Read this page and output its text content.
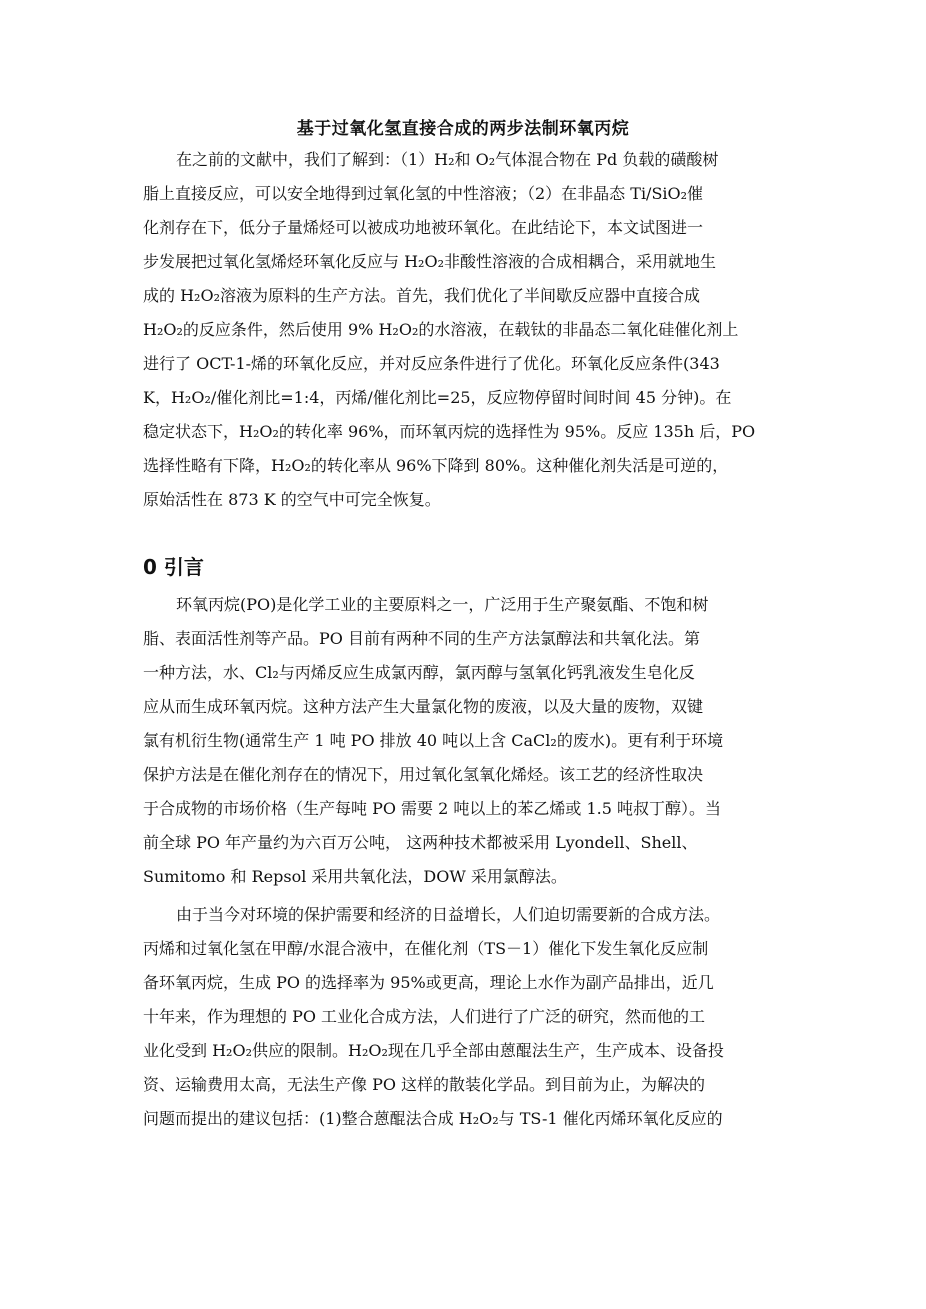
基于过氧化氢直接合成的两步法制环氧丙烷
在之前的文献中，我们了解到：（1）H₂和 O₂气体混合物在 Pd 负载的磺酸树
脂上直接反应，可以安全地得到过氧化氢的中性溶液；（2）在非晶态 Ti/SiO₂催
化剂存在下，低分子量烯烃可以被成功地被环氧化。在此结论下，本文试图进一
步发展把过氧化氢烯烃环氧化反应与 H₂O₂非酸性溶液的合成相耦合，采用就地生
成的 H₂O₂溶液为原料的生产方法。首先，我们优化了半间歇反应器中直接合成
H₂O₂的反应条件，然后使用 9% H₂O₂的水溶液，在载钛的非晶态二氧化硅催化剂上
进行了 OCT-1-烯的环氧化反应，并对反应条件进行了优化。环氧化反应条件(343
K，H₂O₂/催化剂比=1:4，丙烯/催化剂比=25，反应物停留时间时间 45 分钟)。在
稳定状态下，H₂O₂的转化率 96%，而环氧丙烷的选择性为 95%。反应 135h 后，PO
选择性略有下降，H₂O₂的转化率从 96%下降到 80%。这种催化剂失活是可逆的，
原始活性在 873 K 的空气中可完全恢复。
0 引言
环氧丙烷(PO)是化学工业的主要原料之一，广泛用于生产聚氨酯、不饱和树
脂、表面活性剂等产品。PO 目前有两种不同的生产方法氯醇法和共氧化法。第
一种方法，水、Cl₂与丙烯反应生成氯丙醇，氯丙醇与氢氧化钙乳液发生皂化反
应从而生成环氧丙烷。这种方法产生大量氯化物的废液，以及大量的废物，双键
氯有机衍生物(通常生产 1 吨 PO 排放 40 吨以上含 CaCl₂的废水)。更有利于环境
保护方法是在催化剂存在的情况下，用过氧化氢氧化烯烃。该工艺的经济性取决
于合成物的市场价格（生产每吨 PO 需要 2 吨以上的苯乙烯或 1.5 吨叔丁醇）。当
前全球 PO 年产量约为六百万公吨， 这两种技术都被采用 Lyondell、Shell、
Sumitomo 和 Repsol 采用共氧化法，DOW 采用氯醇法。
由于当今对环境的保护需要和经济的日益增长，人们迫切需要新的合成方法。
丙烯和过氧化氢在甲醇/水混合液中，在催化剂（TS－1）催化下发生氧化反应制
备环氧丙烷，生成 PO 的选择率为 95%或更高，理论上水作为副产品排出，近几
十年来，作为理想的 PO 工业化合成方法，人们进行了广泛的研究，然而他的工
业化受到 H₂O₂供应的限制。H₂O₂现在几乎全部由蒽醌法生产，生产成本、设备投
资、运输费用太高，无法生产像 PO 这样的散装化学品。到目前为止，为解决的
问题而提出的建议包括：(1)整合蒽醌法合成 H₂O₂与 TS-1 催化丙烯环氧化反应的
